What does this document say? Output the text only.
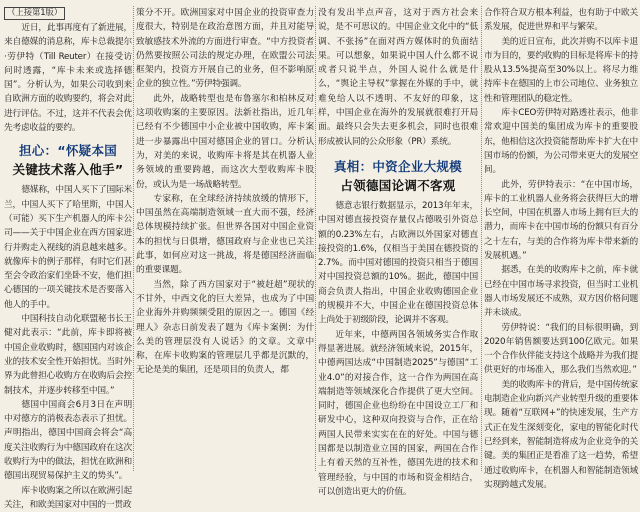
（上接第1版）

近日，此事再度有了新进展，来自德媒的消息称，库卡总裁提尔·劳伊特（Till Reuter）在接受访问时透露，“库卡未来或选择德国”。分析认为，如果公司收到来自欧洲方面的收购要约，将会对此进行评估。不过，这并不代表会优先考虑收益的要约。

担心：“怀疑本国
关键技术落入他手”

德媒称，中国人买下了国际米兰，中国人买下了哈里斯，中国人（可能）买下生产机器人的库卡公司——关于中国企业在西方国家进行并购走入视线的消息越来越多。就像库卡的例子那样，有时它们甚至会令政治家们坐卧不安，他们担心德国的一项关键技术是否要落入他人的手中。

中国科技自动化联盟秘书长王健对此表示：“此前，库卡即将被中国企业收购时，德国国内对该企业的技术安全性开始担忧。当时外界为此曾担心收购方在收购后会控制技术，并逐步转移至中国。”

德国中国商会6月3日在声明中对德方的消极表态表示了担忧。声明指出，德国中国商会将会“高度关注收购行为中德国政府在这次收购行为中的做法，担忧在欧洲和德国出现贸易保护主义的势头”。

库卡收购案之所以在欧洲引起关注，和欧美国家对中国的一贯政

策分不开。欧洲国家对中国企业的投资审查力度很大，特别是在政治意图方面，并且对能导致敏感技术外流的方面进行审查。“中方投资者仍然要按照公司法的规定办理，在欧盟公司法框架内，投资方开展自己的业务，但不影响原企业的独立性。”劳伊特强调。

此外，战略转型也是布鲁塞尔和柏林反对这项收购案的主要原因。法新社指出，近几年已经有不少德国中小企业被中国收购，库卡案进一步暴露出中国对德国企业的冒口。分析认为，对美的来说，收购库卡将是其在机器人业务领域的重要跨越，而这次大型收购库卡股份，或认为是一场战略转型。

专家称，在全球经济持续放缓的情形下，中国虽然在高端制造领域一直大而不强，经济总体规模持续扩张。但世界各国对中国企业资本的担忧与日俱增，德国政府与企业也已关注此事，如何应对这一挑战，将是德国经济面临的重要课题。

当然，除了西方国家对于“被赶超”现状的不甘外，中西文化的巨大差异，也成为了中国企业海外并购频频受阻的原因之一。德国《经理人》杂志日前发表了题为《库卡案例：为什么美的管理层没有人说话》的文章。文章中称，在库卡收购案的管理层几乎都是沉默的，无论是美的集团，还是项目的负责人，都

没有发出半点声音，这对于西方社会来说，是不可思议的。中国企业文化中的“低调、不张扬”在面对西方媒体时的负面结果。可以想象，如果说中国人什么都不说或者只说半点，外国人说什么就是什么，“舆论主导权”掌握在外媒的手中，就难免给人以不透明、不友好的印象，这样，中国企业在海外的发展就很难打开局面。最终只会失去更多机会，同时也很难形成被认同的公众形象（PR）系统。

真相：中资企业大规模
占领德国论调不客观

德意志银行数据显示，2013年年末，中国对德直接投资存量仅占德吸引外资总额的0.23%左右，占欧洲以外国家对德直接投资的1.6%，仅相当于美国在德投资的2.7%。而中国对德国的投资只相当于德国对中国投资总额的10%。据此，德国中国商会负责人指出，中国企业收购德国企业的规模并不大，中国企业在德国投资总体上尚处于初级阶段，论调并不客观。

近年来，中德两国各领域务实合作取得显著进展。就经济领域来说，2015年，中德两国达成“中国制造2025”与德国“工业4.0”的对接合作，这一合作为两国在高端制造等领域深化合作提供了更大空间。同时，德国企业也纷纷在中国设立工厂和研发中心，这种双向投资与合作，正在给两国人民带来实实在在的好处。中国与德国都是以制造业立国的国家，两国在合作上有着天然的互补性，德国先进的技术和管理经验，与中国的市场和资金相结合，可以创造出更大的价值。

合作符合双方根本利益，也有助于中欧关系发展，促进世界和平与繁荣。

美的近日宣布，此次并购不以库卡退市为目的，要约收购的目标是将库卡的持股从13.5%提高至30%以上。将尽力维持库卡在德国的上市公司地位、业务独立性和管理团队的稳定性。

库卡CEO劳伊特对路透社表示，他非常欢迎中国美的集团成为库卡的重要股东，他相信这次投资能帮助库卡扩大在中国市场的份额，为公司带来更大的发展空间。

此外，劳伊特表示：“在中国市场，库卡的工业机器人业务将会获得巨大的增长空间，中国在机器人市场上拥有巨大的潜力，而库卡在中国市场的份额只有百分之十左右，与美的合作将为库卡带来新的发展机遇。”

据悉，在美的收购库卡之前，库卡就已经在中国市场寻求投资，但当时工业机器人市场发展还不成熟，双方因价格问题并未谈成。

劳伊特说：“我们的目标很明确，到2020年销售额要达到100亿欧元。如果一个合作伙伴能支持这个战略并为我们提供更好的市场准入，那么我们当然欢迎。”

美的收购库卡的背后，是中国传统家电制造企业向新兴产业转型升级的重要体现。随着“互联网+”的快速发展，生产方式正在发生深刻变化，家电的智能化时代已经到来，智能制造将成为企业竞争的关键。美的集团正是看准了这一趋势，希望通过收购库卡，在机器人和智能制造领域实现跨越式发展。
